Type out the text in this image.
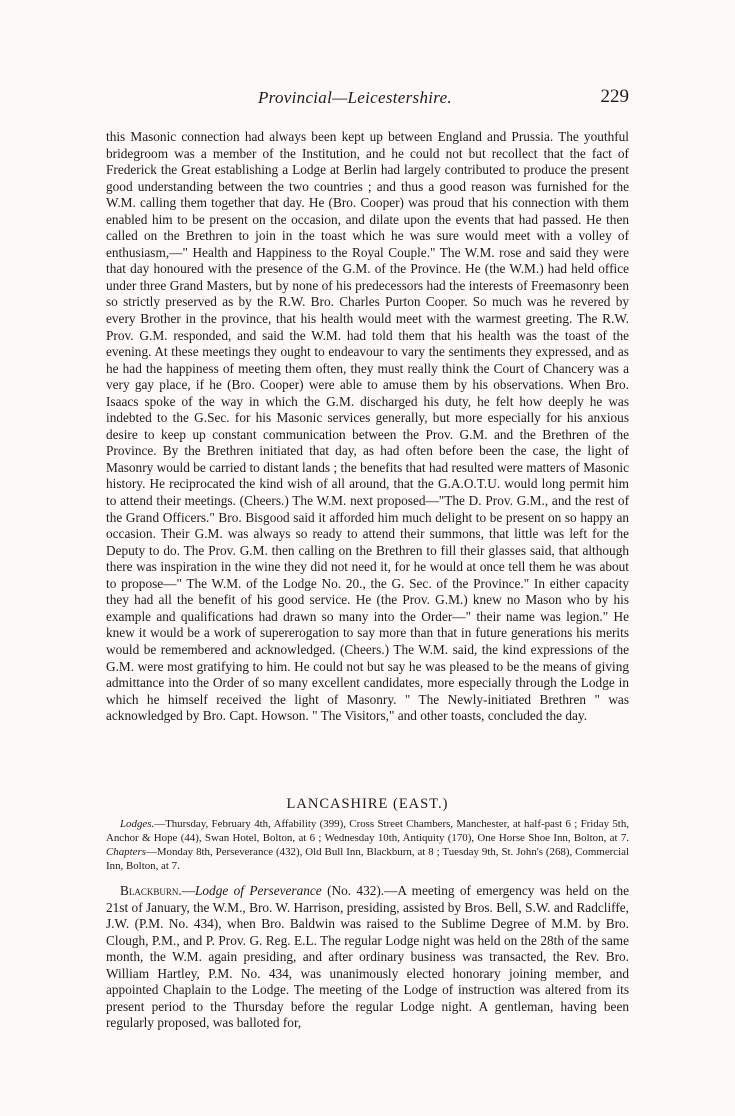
Provincial—Leicestershire.	229

this Masonic connection had always been kept up between England and Prussia. The youthful bridegroom was a member of the Institution, and he could not but recollect that the fact of Frederick the Great establishing a Lodge at Berlin had largely contributed to produce the present good understanding between the two countries ; and thus a good reason was furnished for the W.M. calling them together that day. He (Bro. Cooper) was proud that his connection with them enabled him to be present on the occasion, and dilate upon the events that had passed. He then called on the Brethren to join in the toast which he was sure would meet with a volley of enthusiasm,—" Health and Happiness to the Royal Couple." The W.M. rose and said they were that day honoured with the presence of the G.M. of the Province. He (the W.M.) had held office under three Grand Masters, but by none of his predecessors had the interests of Freemasonry been so strictly preserved as by the R.W. Bro. Charles Purton Cooper. So much was he revered by every Brother in the province, that his health would meet with the warmest greeting. The R.W. Prov. G.M. responded, and said the W.M. had told them that his health was the toast of the evening. At these meetings they ought to endeavour to vary the sentiments they expressed, and as he had the happiness of meeting them often, they must really think the Court of Chancery was a very gay place, if he (Bro. Cooper) were able to amuse them by his observations. When Bro. Isaacs spoke of the way in which the G.M. discharged his duty, he felt how deeply he was indebted to the G.Sec. for his Masonic services generally, but more especially for his anxious desire to keep up constant communication between the Prov. G.M. and the Brethren of the Province. By the Brethren initiated that day, as had often before been the case, the light of Masonry would be carried to distant lands ; the benefits that had resulted were matters of Masonic history. He reciprocated the kind wish of all around, that the G.A.O.T.U. would long permit him to attend their meetings. (Cheers.) The W.M. next proposed—"The D. Prov. G.M., and the rest of the Grand Officers." Bro. Bisgood said it afforded him much delight to be present on so happy an occasion. Their G.M. was always so ready to attend their summons, that little was left for the Deputy to do. The Prov. G.M. then calling on the Brethren to fill their glasses said, that although there was inspiration in the wine they did not need it, for he would at once tell them he was about to propose—" The W.M. of the Lodge No. 20., the G. Sec. of the Province." In either capacity they had all the benefit of his good service. He (the Prov. G.M.) knew no Mason who by his example and qualifications had drawn so many into the Order—" their name was legion." He knew it would be a work of supererogation to say more than that in future generations his merits would be remembered and acknowledged. (Cheers.) The W.M. said, the kind expressions of the G.M. were most gratifying to him. He could not but say he was pleased to be the means of giving admittance into the Order of so many excellent candidates, more especially through the Lodge in which he himself received the light of Masonry. " The Newly-initiated Brethren " was acknowledged by Bro. Capt. Howson. " The Visitors," and other toasts, concluded the day.

LANCASHIRE (EAST.)

Lodges.—Thursday, February 4th, Affability (399), Cross Street Chambers, Manchester, at half-past 6 ; Friday 5th, Anchor & Hope (44), Swan Hotel, Bolton, at 6 ; Wednesday 10th, Antiquity (170), One Horse Shoe Inn, Bolton, at 7. Chapters—Monday 8th, Perseverance (432), Old Bull Inn, Blackburn, at 8 ; Tuesday 9th, St. John's (268), Commercial Inn, Bolton, at 7.

Blackburn.—Lodge of Perseverance (No. 432).—A meeting of emergency was held on the 21st of January, the W.M., Bro. W. Harrison, presiding, assisted by Bros. Bell, S.W. and Radcliffe, J.W. (P.M. No. 434), when Bro. Baldwin was raised to the Sublime Degree of M.M. by Bro. Clough, P.M., and P. Prov. G. Reg. E.L. The regular Lodge night was held on the 28th of the same month, the W.M. again presiding, and after ordinary business was transacted, the Rev. Bro. William Hartley, P.M. No. 434, was unanimously elected honorary joining member, and appointed Chaplain to the Lodge. The meeting of the Lodge of instruction was altered from its present period to the Thursday before the regular Lodge night. A gentleman, having been regularly proposed, was balloted for,
